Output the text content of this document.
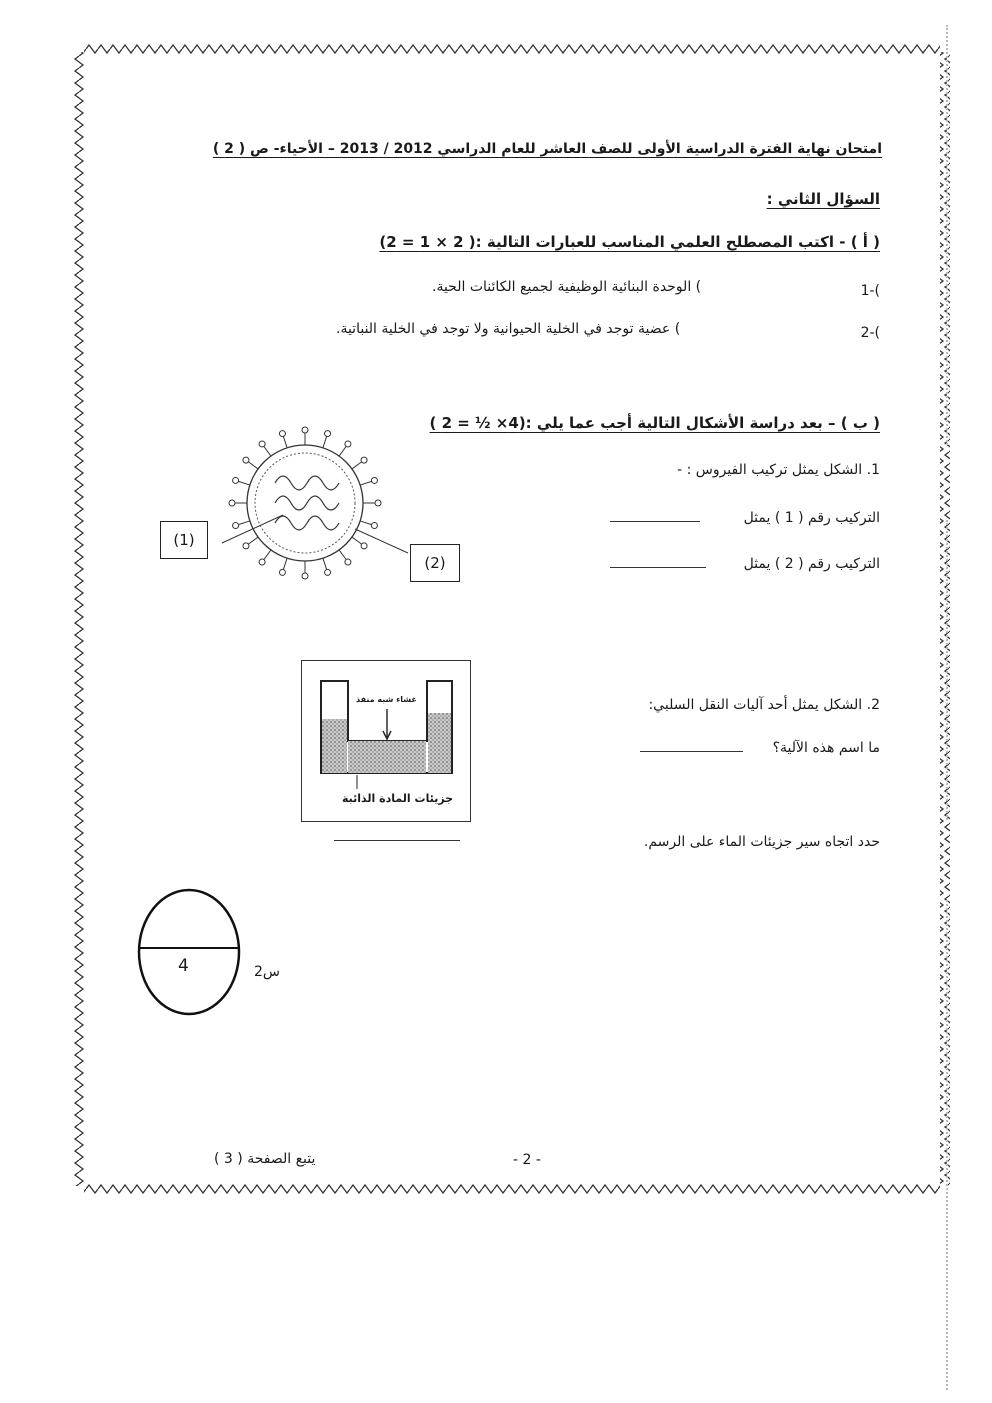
امتحان نهاية الفترة الدراسية الأولى للصف العاشر للعام الدراسي 2012 / 2013 – الأحياء- ص ( 2 )
السؤال الثاني :
( أ ) - اكتب المصطلح العلمي المناسب للعبارات التالية :( 2 × 1 = 2)
1-(
) الوحدة البنائية الوظيفية لجميع الكائنات الحية.
2-(
) عضية توجد في الخلية الحيوانية ولا توجد في الخلية النباتية.
( ب ) – بعد دراسة الأشكال التالية أجب عما يلي :(4× ½ = 2 )
1. الشكل يمثل تركيب الفيروس : -
التركيب رقم ( 1 ) يمثل
التركيب رقم ( 2 ) يمثل
(1)
(2)
غشاء شبه منفذ
جزيئات المادة الذائبة
2. الشكل يمثل أحد آليات النقل السلبي:
ما اسم هذه الآلية؟
حدد اتجاه سير جزيئات الماء على الرسم.
4	س2
يتبع الصفحة ( 3 )	- 2 -
